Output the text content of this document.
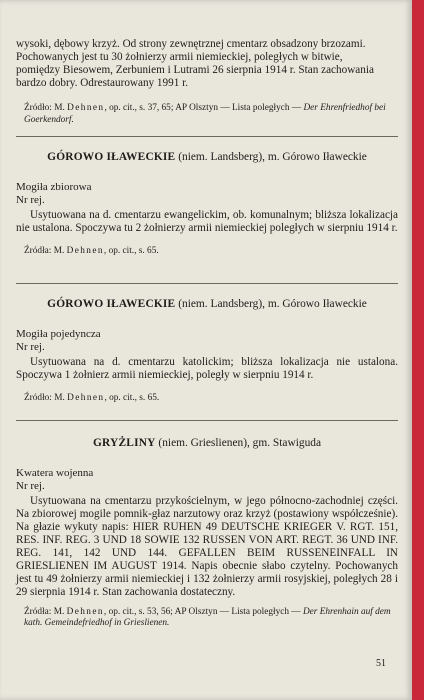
wysoki, dębowy krzyż. Od strony zewnętrznej cmentarz obsadzony brzozami.

Pochowanych jest tu 30 żołnierzy armii niemieckiej, poległych w bitwie,

pomiędzy Biesowem, Zerbuniem i Lutrami 26 sierpnia 1914 r. Stan zachowania

bardzo dobry. Odrestaurowany 1991 r.

Źródło: M. Dehnen, op. cit., s. 37, 65; AP Olsztyn — Lista poległych — Der Ehrenfriedhof bei Goerkendorf.

GÓROWO IŁAWECKIE (niem. Landsberg), m. Górowo Iławeckie

Mogiła zbiorowa

Nr rej.

Usytuowana na d. cmentarzu ewangelickim, ob. komunalnym; bliższa lokalizacja nie ustalona. Spoczywa tu 2 żołnierzy armii niemieckiej poległych w sierpniu 1914 r.

Źródła: M. Dehnen, op. cit., s. 65.

GÓROWO IŁAWECKIE (niem. Landsberg), m. Górowo Iławeckie

Mogiła pojedyncza

Nr rej.

Usytuowana na d. cmentarzu katolickim; bliższa lokalizacja nie ustalona. Spoczywa 1 żołnierz armii niemieckiej, poległy w sierpniu 1914 r.

Źródło: M. Dehnen, op. cit., s. 65.

GRYŻLINY (niem. Grieslienen), gm. Stawiguda

Kwatera wojenna

Nr rej.

Usytuowana na cmentarzu przykościelnym, w jego północno-zachodniej części. Na zbiorowej mogile pomnik-głaz narzutowy oraz krzyż (postawiony współcześnie). Na głazie wykuty napis: HIER RUHEN 49 DEUTSCHE KRIEGER V. RGT. 151, RES. INF. REG. 3 UND 18 SOWIE 132 RUSSEN VON ART. REGT. 36 UND INF. REG. 141, 142 UND 144. GEFALLEN BEIM RUSSENEINFALL IN GRIESLIENEN IM AUGUST 1914. Napis obecnie słabo czytelny. Pochowanych jest tu 49 żołnierzy armii niemieckiej i 132 żołnierzy armii rosyjskiej, poległych 28 i 29 sierpnia 1914 r. Stan zachowania dostateczny.

Źródła: M. Dehnen, op. cit., s. 53, 56; AP Olsztyn — Lista poległych — Der Ehrenhain auf dem kath. Gemeindefriedhof in Grieslienen.

51
